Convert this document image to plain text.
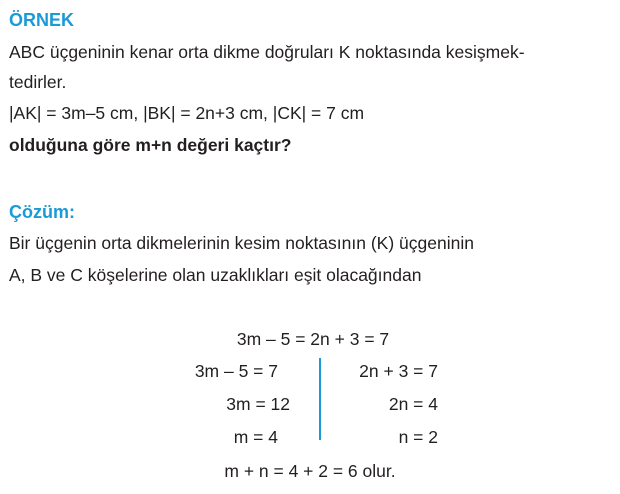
ÖRNEK
ABC üçgeninin kenar orta dikme doğruları K noktasında kesişmek-
tedirler.
|AK| = 3m–5 cm, |BK| = 2n+3 cm, |CK| = 7 cm
olduğuna göre m+n değeri kaçtır?
Çözüm:
Bir üçgenin orta dikmelerinin kesim noktasının (K) üçgeninin
A, B ve C köşelerine olan uzaklıkları eşit olacağından
3m – 5 = 2n + 3 = 7
3m – 5 = 7
3m = 12
m = 4
2n + 3 = 7
2n = 4
n = 2
m + n = 4 + 2 = 6 olur.
